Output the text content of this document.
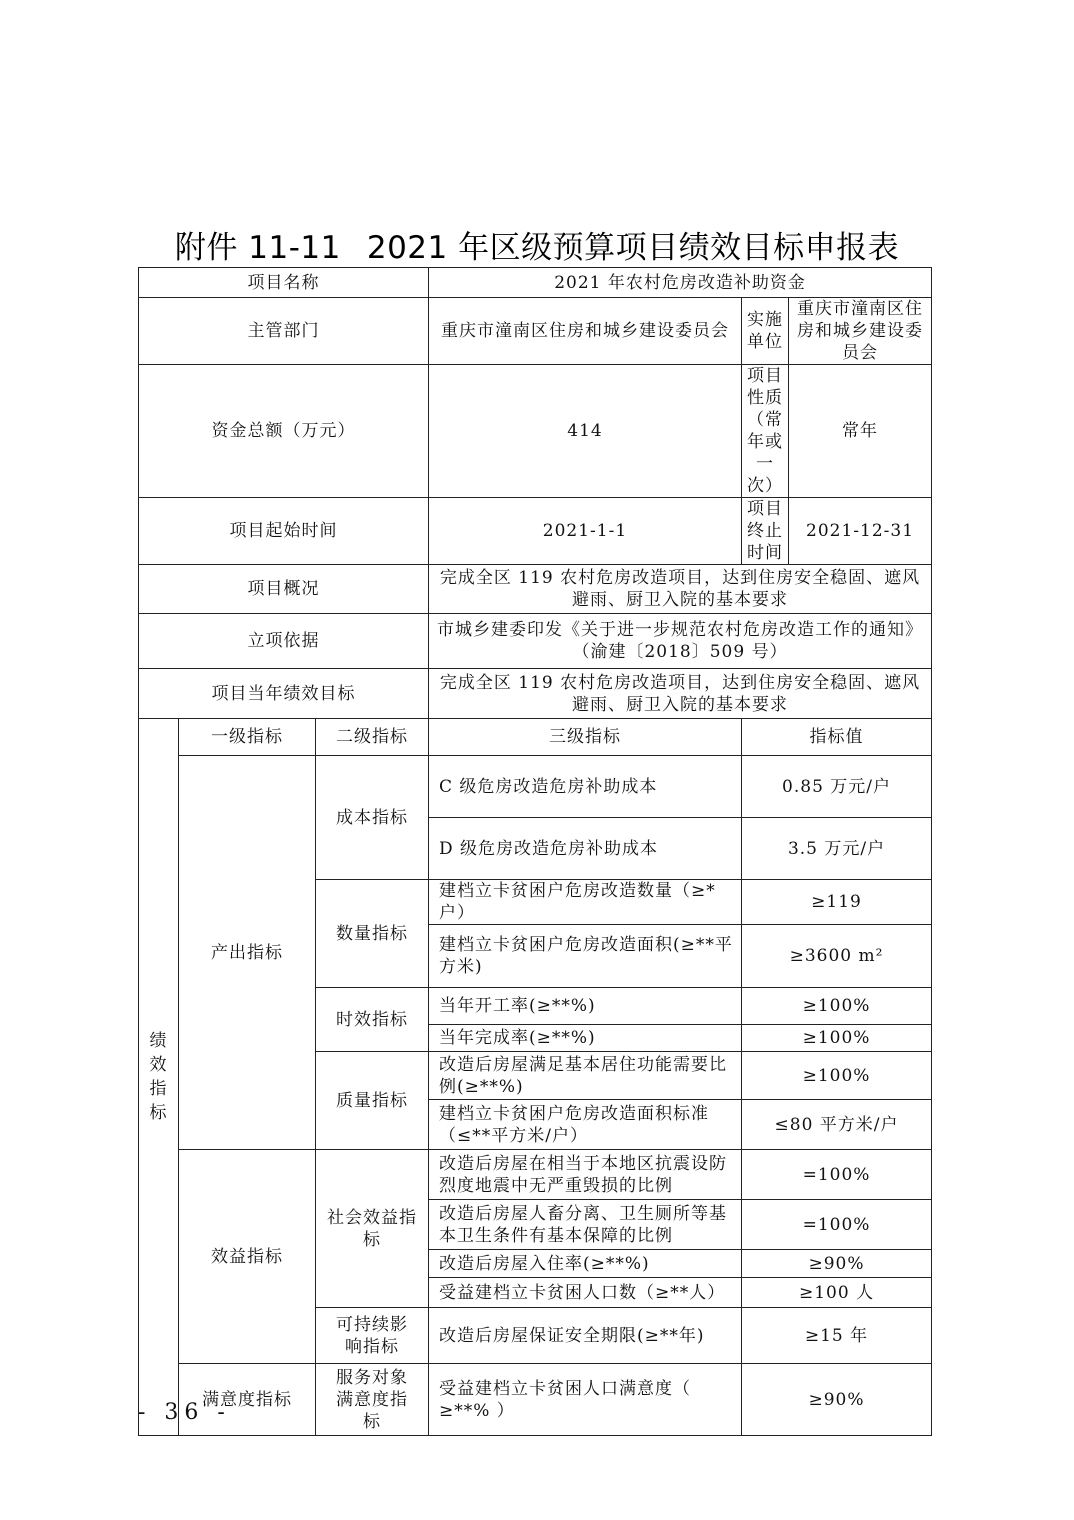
附件 11-11 2021 年区级预算项目绩效目标申报表
项目名称			2021 年农村危房改造补助资金		
主管部门			重庆市潼南区住房和城乡建设委员会	实施单位	重庆市潼南区住房和城乡建设委员会
资金总额（万元）			414	项目性质（常年或一次）	常年
项目起始时间			2021-1-1	项目终止时间	2021-12-31
项目概况			完成全区 119 农村危房改造项目，达到住房安全稳固、遮风避雨、厨卫入院的基本要求		
立项依据			市城乡建委印发《关于进一步规范农村危房改造工作的通知》（渝建〔2018〕509 号）		
项目当年绩效目标			完成全区 119 农村危房改造项目，达到住房安全稳固、遮风避雨、厨卫入院的基本要求		
绩效指标	一级指标	二级指标	三级指标	指标值	
	产出指标	成本指标	C 级危房改造危房补助成本	0.85 万元/户	
			D 级危房改造危房补助成本	3.5 万元/户	
		数量指标	建档立卡贫困户危房改造数量（≥*户）	≥119	
			建档立卡贫困户危房改造面积(≥**平方米)	≥3600 m²	
		时效指标	当年开工率(≥**%)	≥100%	
			当年完成率(≥**%)	≥100%	
		质量指标	改造后房屋满足基本居住功能需要比例(≥**%)	≥100%	
			建档立卡贫困户危房改造面积标准（≤**平方米/户）	≤80 平方米/户	
	效益指标	社会效益指标	改造后房屋在相当于本地区抗震设防烈度地震中无严重毁损的比例	=100%	
			改造后房屋人畜分离、卫生厕所等基本卫生条件有基本保障的比例	=100%	
			改造后房屋入住率(≥**%)	≥90%	
			受益建档立卡贫困人口数（≥**人）	≥100 人	
		可持续影响指标	改造后房屋保证安全期限(≥**年)	≥15 年	
	满意度指标	服务对象满意度指标	受益建档立卡贫困人口满意度（ ≥**% ）	≥90%	
- 36 -
